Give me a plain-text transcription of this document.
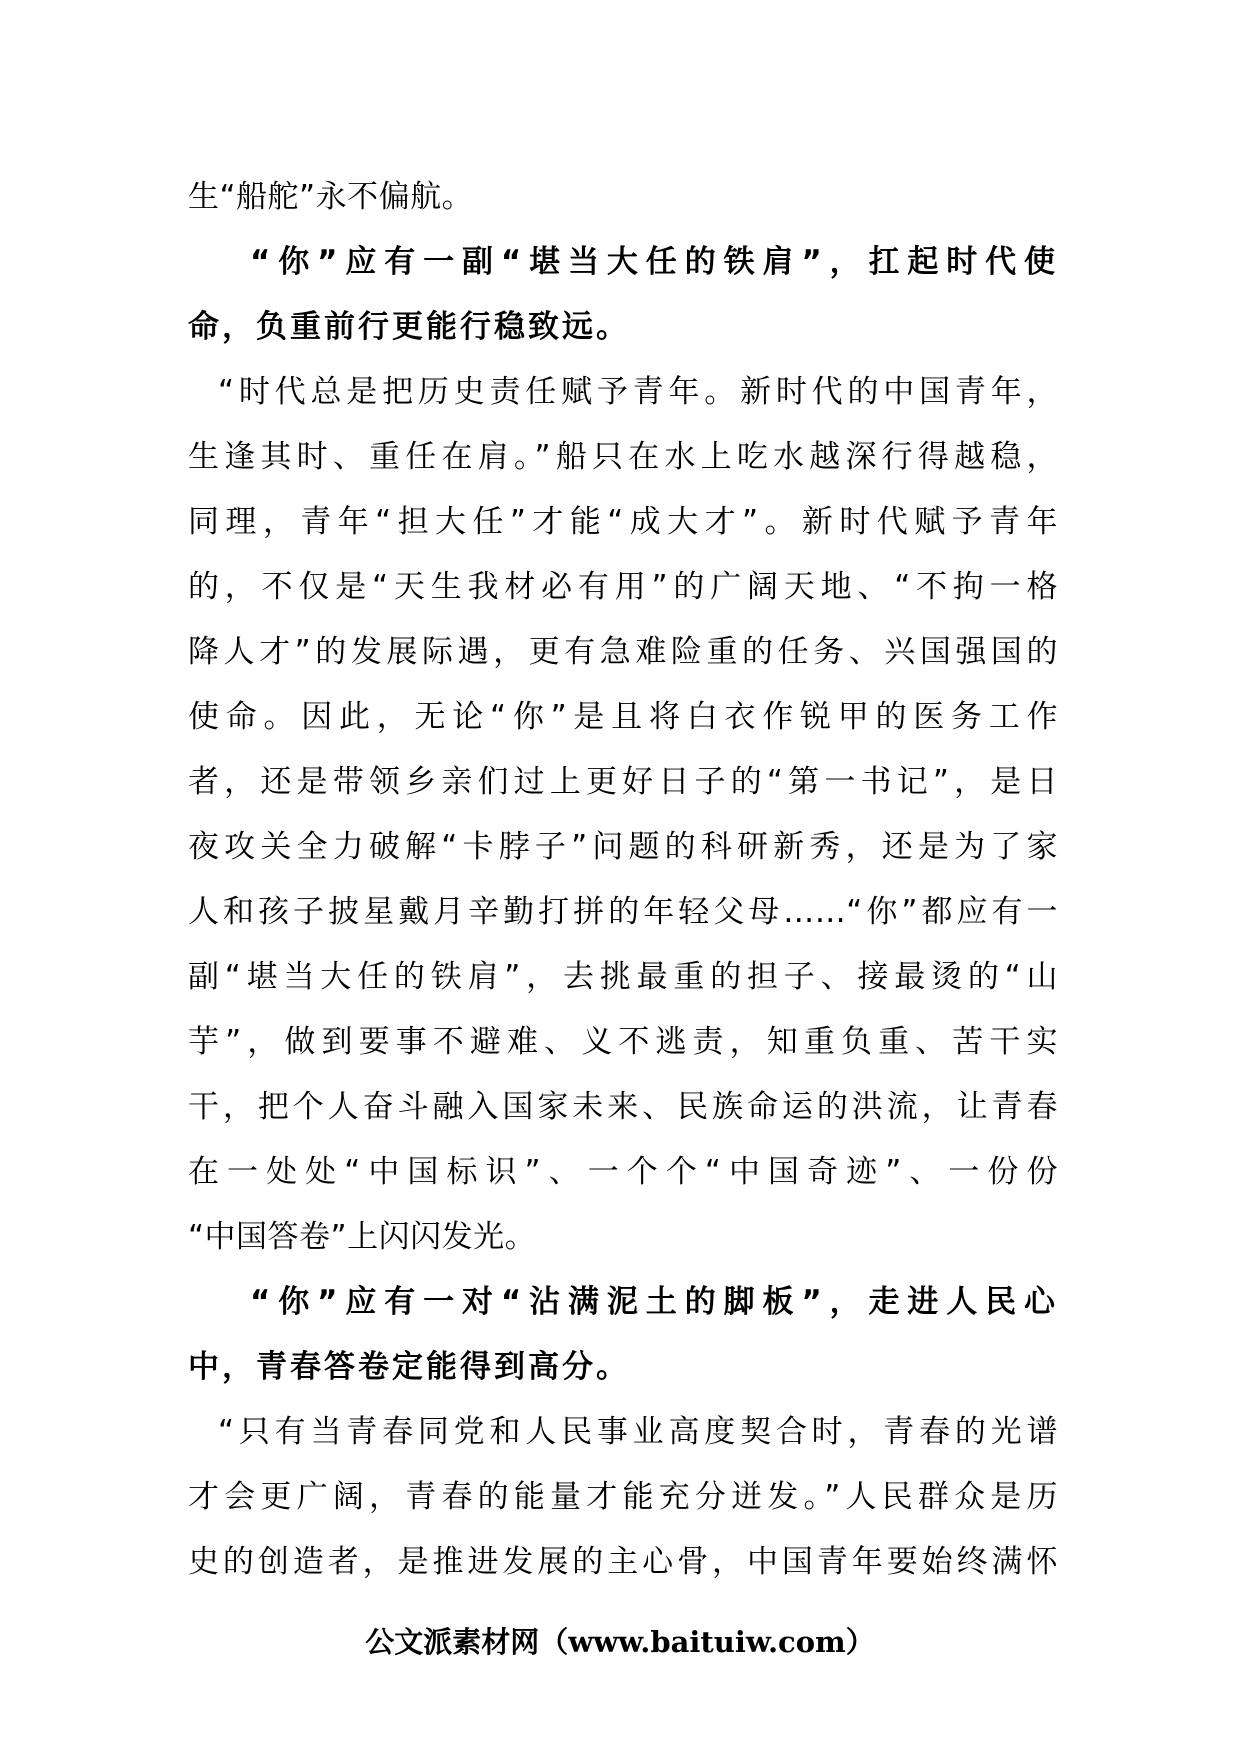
生“船舵”永不偏航。
“你”应有一副“堪当大任的铁肩”，扛起时代使
命，负重前行更能行稳致远。
“时代总是把历史责任赋予青年。新时代的中国青年，
生逢其时、重任在肩。”船只在水上吃水越深行得越稳，
同理，青年“担大任”才能“成大才”。新时代赋予青年
的，不仅是“天生我材必有用”的广阔天地、“不拘一格
降人才”的发展际遇，更有急难险重的任务、兴国强国的
使命。因此，无论“你”是且将白衣作锐甲的医务工作
者，还是带领乡亲们过上更好日子的“第一书记”，是日
夜攻关全力破解“卡脖子”问题的科研新秀，还是为了家
人和孩子披星戴月辛勤打拼的年轻父母……“你”都应有一
副“堪当大任的铁肩”，去挑最重的担子、接最烫的“山
芋”，做到要事不避难、义不逃责，知重负重、苦干实
干，把个人奋斗融入国家未来、民族命运的洪流，让青春
在一处处“中国标识”、一个个“中国奇迹”、一份份
“中国答卷”上闪闪发光。
“你”应有一对“沾满泥土的脚板”，走进人民心
中，青春答卷定能得到高分。
“只有当青春同党和人民事业高度契合时，青春的光谱
才会更广阔，青春的能量才能充分迸发。”人民群众是历
史的创造者，是推进发展的主心骨，中国青年要始终满怀
公文派素材网（www.baituiw.com）
